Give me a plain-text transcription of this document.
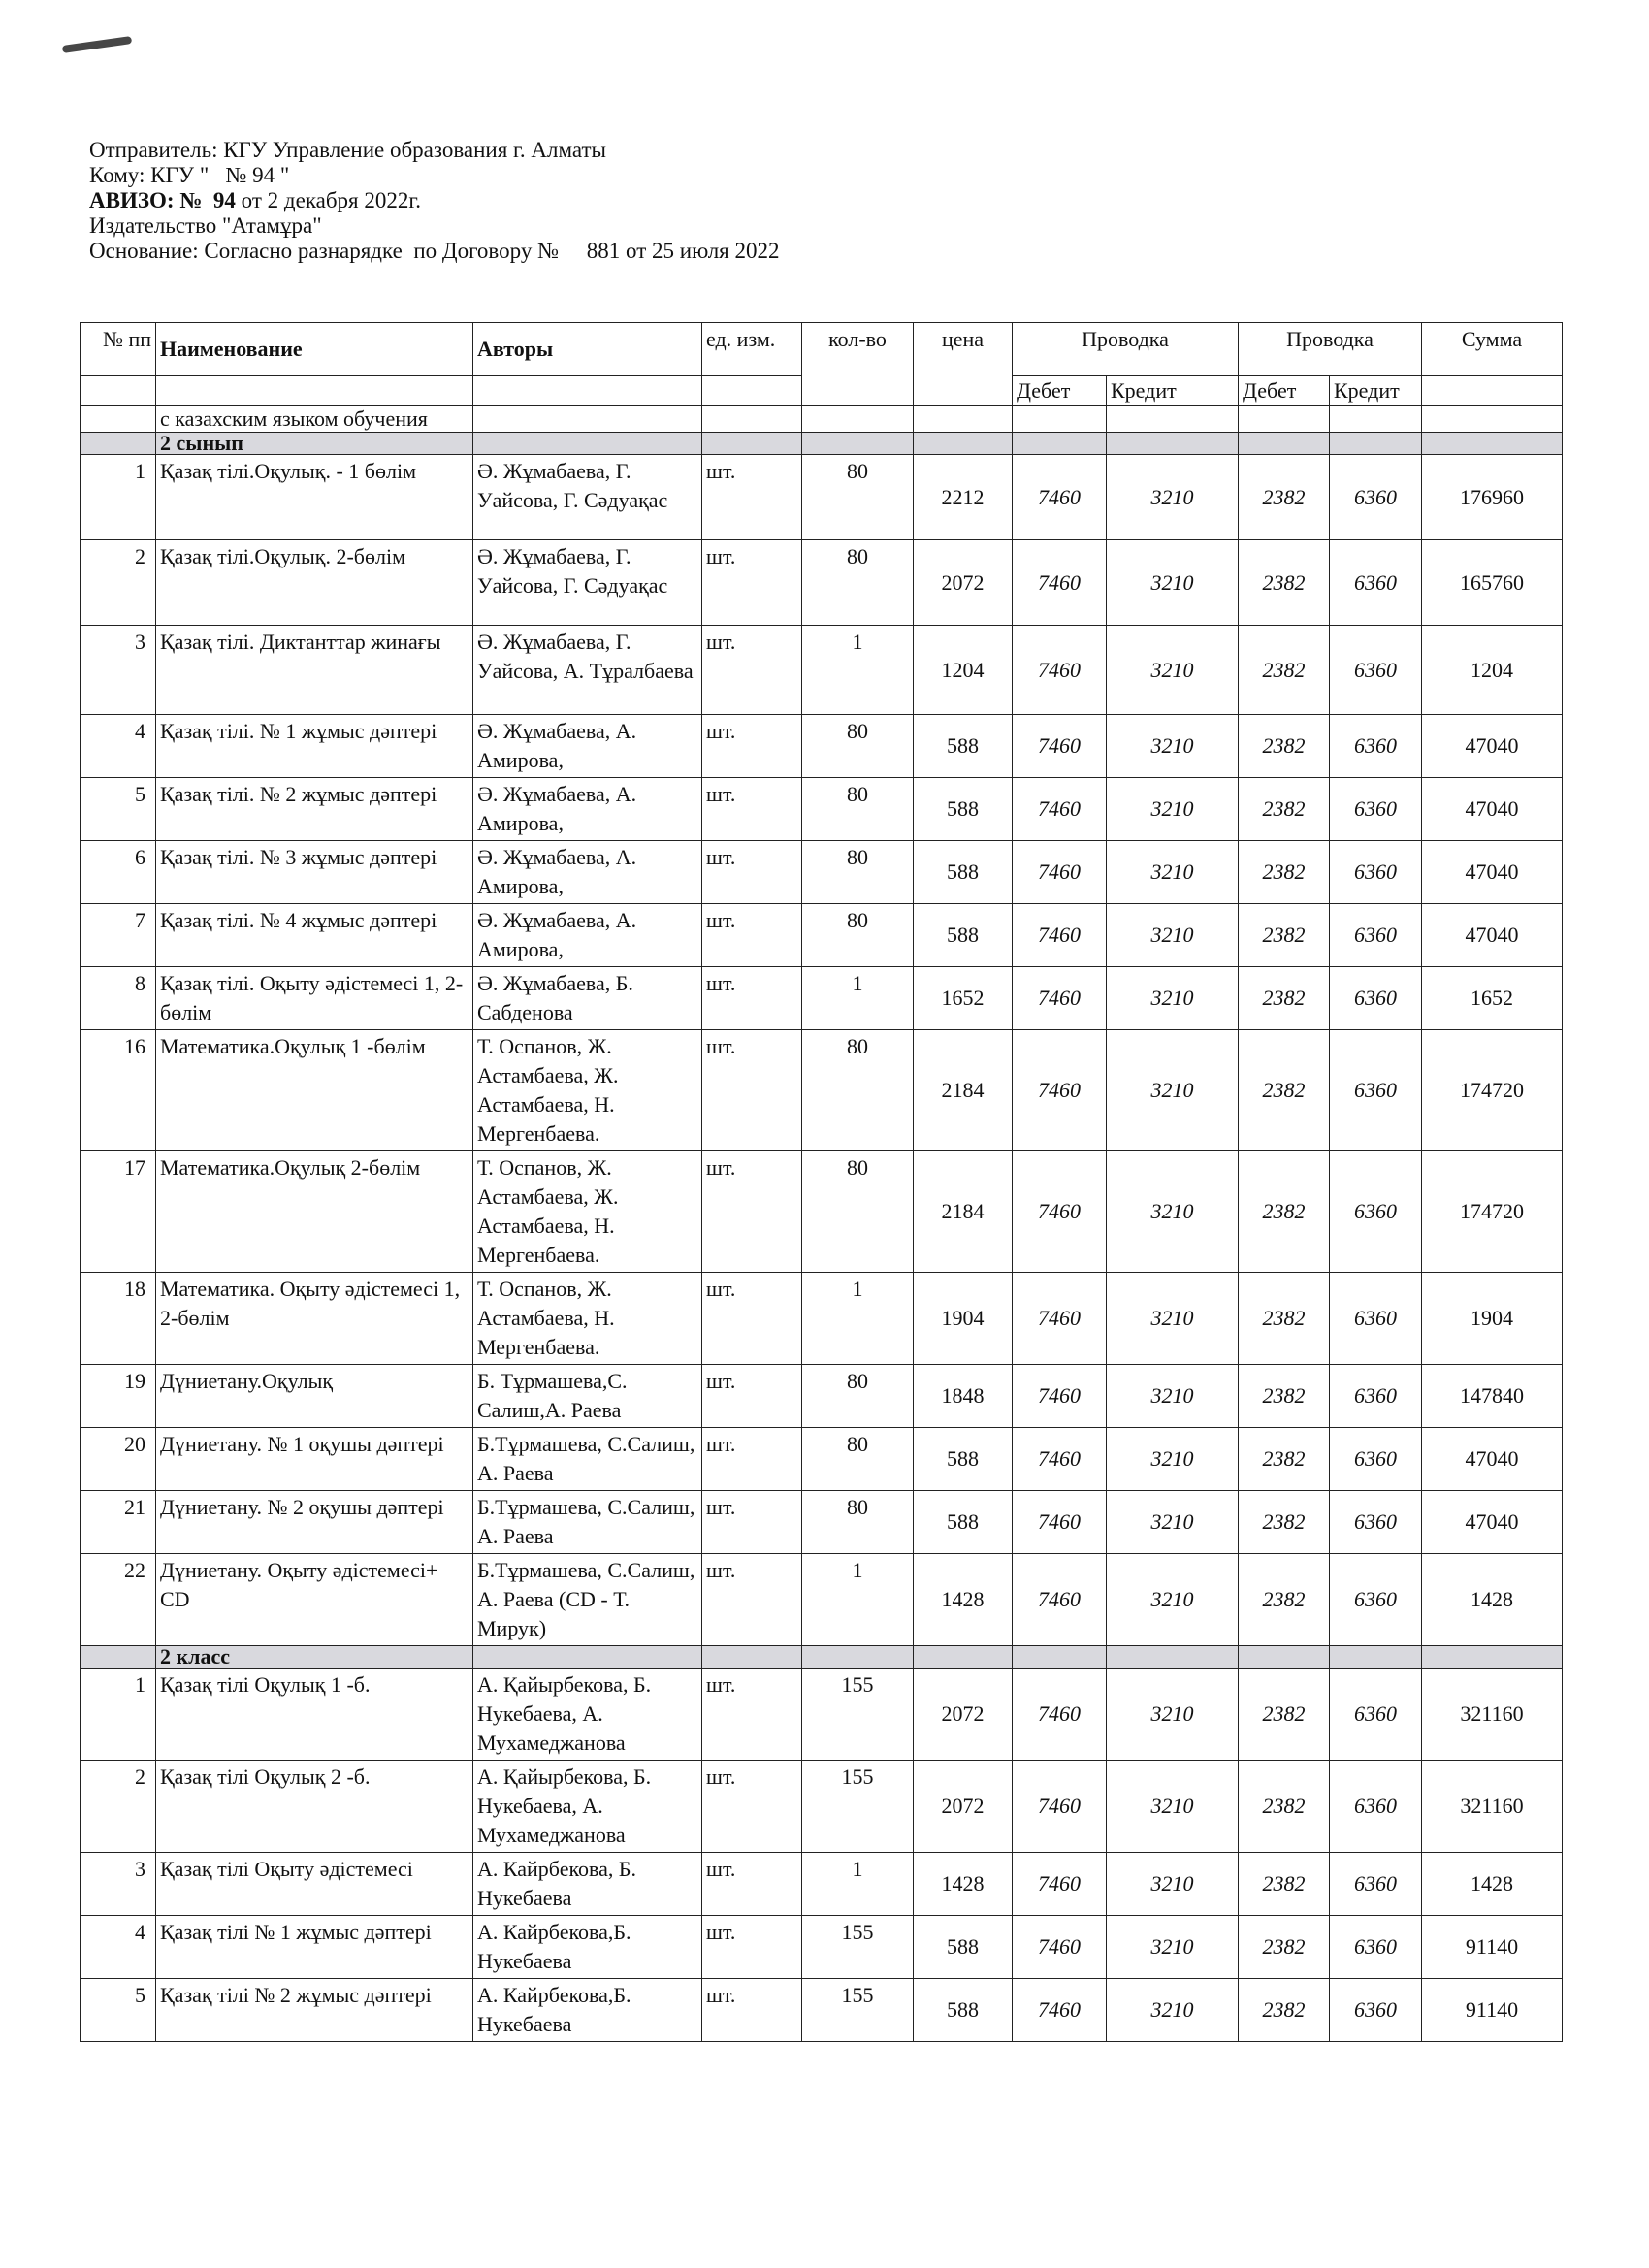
Отправитель: КГУ Управление образования г. Алматы
Кому: КГУ "   № 94 "
АВИЗО: №  94 от 2 декабря 2022г.
Издательство "Атамұра"
Основание: Согласно разнарядке  по Договору №     881 от 25 июля 2022
№ пп	Наименование	Авторы	ед. изм.	кол-во	цена	Проводка		Проводка		Сумма
						Дебет	Кредит	Дебет	Кредит	
	с казахским языком обучения									
	2 сынып									
1	Қазақ тілі.Оқулық. - 1 бөлім	Ә. Жұмабаева, Г. Уайсова, Г. Сәдуақас	шт.	80	2212	7460	3210	2382	6360	176960
2	Қазақ тілі.Оқулық. 2-бөлім	Ә. Жұмабаева, Г. Уайсова, Г. Сәдуақас	шт.	80	2072	7460	3210	2382	6360	165760
3	Қазақ тілі. Диктанттар жинағы	Ә. Жұмабаева, Г. Уайсова, А. Тұралбаева	шт.	1	1204	7460	3210	2382	6360	1204
4	Қазақ тілі. № 1 жұмыс дәптері	Ә. Жұмабаева, А. Амирова,	шт.	80	588	7460	3210	2382	6360	47040
5	Қазақ тілі. № 2 жұмыс дәптері	Ә. Жұмабаева, А. Амирова,	шт.	80	588	7460	3210	2382	6360	47040
6	Қазақ тілі. № 3 жұмыс дәптері	Ә. Жұмабаева, А. Амирова,	шт.	80	588	7460	3210	2382	6360	47040
7	Қазақ тілі. № 4 жұмыс дәптері	Ә. Жұмабаева, А. Амирова,	шт.	80	588	7460	3210	2382	6360	47040
8	Қазақ тілі. Оқыту әдістемесі 1, 2-бөлім	Ә. Жұмабаева, Б. Сабденова	шт.	1	1652	7460	3210	2382	6360	1652
16	Математика.Оқулық 1 -бөлім	Т. Оспанов, Ж. Астамбаева, Ж. Астамбаева, Н. Мергенбаева.	шт.	80	2184	7460	3210	2382	6360	174720
17	Математика.Оқулық 2-бөлім	Т. Оспанов, Ж. Астамбаева, Ж. Астамбаева, Н. Мергенбаева.	шт.	80	2184	7460	3210	2382	6360	174720
18	Математика. Оқыту әдістемесі 1, 2-бөлім	Т. Оспанов, Ж. Астамбаева, Н. Мергенбаева.	шт.	1	1904	7460	3210	2382	6360	1904
19	Дүниетану.Оқулық	Б. Тұрмашева,С. Салиш,А. Раева	шт.	80	1848	7460	3210	2382	6360	147840
20	Дүниетану. № 1 оқушы дәптері	Б.Тұрмашева, С.Салиш, А. Раева	шт.	80	588	7460	3210	2382	6360	47040
21	Дүниетану. № 2 оқушы дәптері	Б.Тұрмашева, С.Салиш, А. Раева	шт.	80	588	7460	3210	2382	6360	47040
22	Дүниетану. Оқыту әдістемесі+ CD	Б.Тұрмашева, С.Салиш, А. Раева (CD - Т. Мирук)	шт.	1	1428	7460	3210	2382	6360	1428
	2 класс									
1	Қазақ тілі Оқулық 1 -б.	А. Қайырбекова, Б. Нукебаева, А. Мухамеджанова	шт.	155	2072	7460	3210	2382	6360	321160
2	Қазақ тілі Оқулық 2 -б.	А. Қайырбекова, Б. Нукебаева, А. Мухамеджанова	шт.	155	2072	7460	3210	2382	6360	321160
3	Қазақ тілі Оқыту әдістемесі	А. Кайрбекова, Б. Нукебаева	шт.	1	1428	7460	3210	2382	6360	1428
4	Қазақ тілі № 1 жұмыс дәптері	А. Кайрбекова,Б. Нукебаева	шт.	155	588	7460	3210	2382	6360	91140
5	Қазақ тілі № 2 жұмыс дәптері	А. Кайрбекова,Б. Нукебаева	шт.	155	588	7460	3210	2382	6360	91140
